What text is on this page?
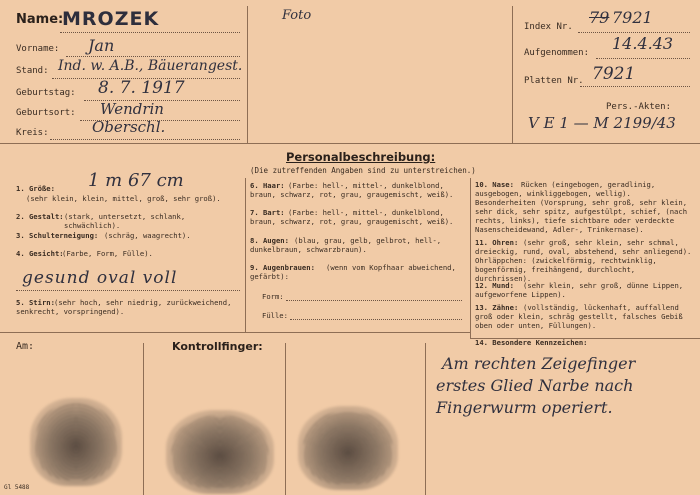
Name:
MROZEK
Vorname: Jan
Stand: Ind. w. A.B., Bäuerangest.
Geburtstag: 8. 7. 1917
Geburtsort: Wendrin
Kreis:	Oberschl.
Foto
Index Nr. 79 7921
Aufgenommen: 14.4.43
Platten Nr. 7921
Pers.-Akten:
V E 1 — M 2199/43
Personalbeschreibung:
(Die zutreffenden Angaben sind zu unterstreichen.)
1. Größe: 1 m 67 cm
(sehr klein, klein, mittel, groß, sehr groß).
2. Gestalt: (stark, untersetzt, schlank, schwächlich).
3. Schulterneigung: (schräg, waagrecht).
4. Gesicht:
(Farbe, Form, Fülle).
gesund oval voll
5. Stirn: (sehr hoch, sehr niedrig, zurückweichend, senkrecht, vorspringend).
6. Haar: (Farbe: hell-, mittel-, dunkelblond, braun, schwarz, rot, grau, graugemischt, weiß).
7. Bart: (Farbe: hell-, mittel-, dunkelblond, braun, schwarz, rot, grau, graugemischt, weiß).
8. Augen: (blau, grau, gelb, gelbrot, hell-, dunkelbraun, schwarzbraun).
9. Augenbrauen:	(wenn vom Kopfhaar abweichend, gefärbt):
Form:
Fülle:
10. Nase: Rücken (eingebogen, geradlinig, ausgebogen, winkliggebogen, wellig). Besonderheiten (Vorsprung, sehr groß, sehr klein, sehr dick, sehr spitz, aufgestülpt, schief, (nach rechts, links), tiefe sichtbare oder verdeckte Nasenscheidewand, Adler-, Trinkernase).
11. Ohren: (sehr groß, sehr klein, sehr schmal, dreieckig, rund, oval, abstehend, sehr anliegend). Ohrläppchen: (zwickelförmig, rechtwinklig, bogenförmig, freihängend, durchlocht, durchrissen).
12. Mund:	(sehr klein, sehr groß, dünne Lippen, aufgeworfene Lippen).
13. Zähne: (vollständig, lückenhaft, auffallend groß oder klein, schräg gestellt, falsches Gebiß oben oder unten, Füllungen).
14. Besondere Kennzeichen:
Am:	Kontrollfinger:
Am rechten Zeigefinger
erstes Glied Narbe nach
Fingerwurm operiert.
Gl 5488
